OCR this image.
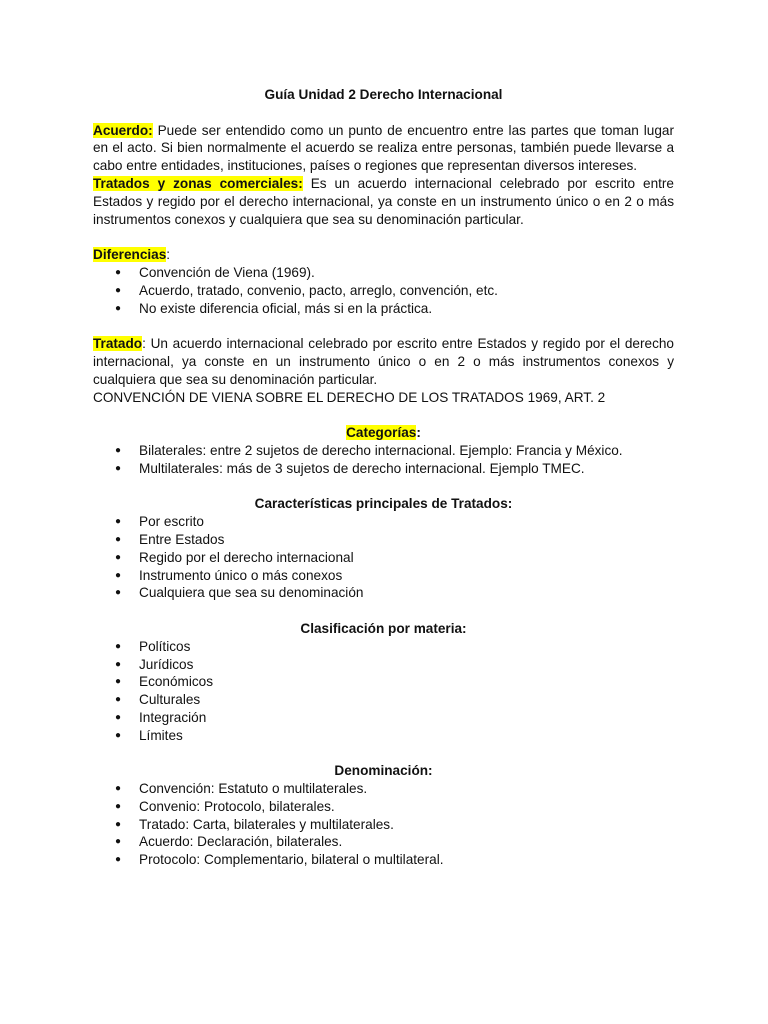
Guía Unidad 2 Derecho Internacional

Acuerdo: Puede ser entendido como un punto de encuentro entre las partes que toman lugar en el acto. Si bien normalmente el acuerdo se realiza entre personas, también puede llevarse a cabo entre entidades, instituciones, países o regiones que representan diversos intereses.

Tratados y zonas comerciales: Es un acuerdo internacional celebrado por escrito entre Estados y regido por el derecho internacional, ya conste en un instrumento único o en 2 o más instrumentos conexos y cualquiera que sea su denominación particular.

Diferencias:

● Convención de Viena (1969).
● Acuerdo, tratado, convenio, pacto, arreglo, convención, etc.
● No existe diferencia oficial, más si en la práctica.

Tratado: Un acuerdo internacional celebrado por escrito entre Estados y regido por el derecho internacional, ya conste en un instrumento único o en 2 o más instrumentos conexos y cualquiera que sea su denominación particular.

CONVENCIÓN DE VIENA SOBRE EL DERECHO DE LOS TRATADOS 1969, ART. 2

Categorías:

● Bilaterales: entre 2 sujetos de derecho internacional. Ejemplo: Francia y México.
● Multilaterales: más de 3 sujetos de derecho internacional. Ejemplo TMEC.

Características principales de Tratados:

● Por escrito
● Entre Estados
● Regido por el derecho internacional
● Instrumento único o más conexos
● Cualquiera que sea su denominación

Clasificación por materia:

● Políticos
● Jurídicos
● Económicos
● Culturales
● Integración
● Límites

Denominación:

● Convención: Estatuto o multilaterales.
● Convenio: Protocolo, bilaterales.
● Tratado: Carta, bilaterales y multilaterales.
● Acuerdo: Declaración, bilaterales.
● Protocolo: Complementario, bilateral o multilateral.
